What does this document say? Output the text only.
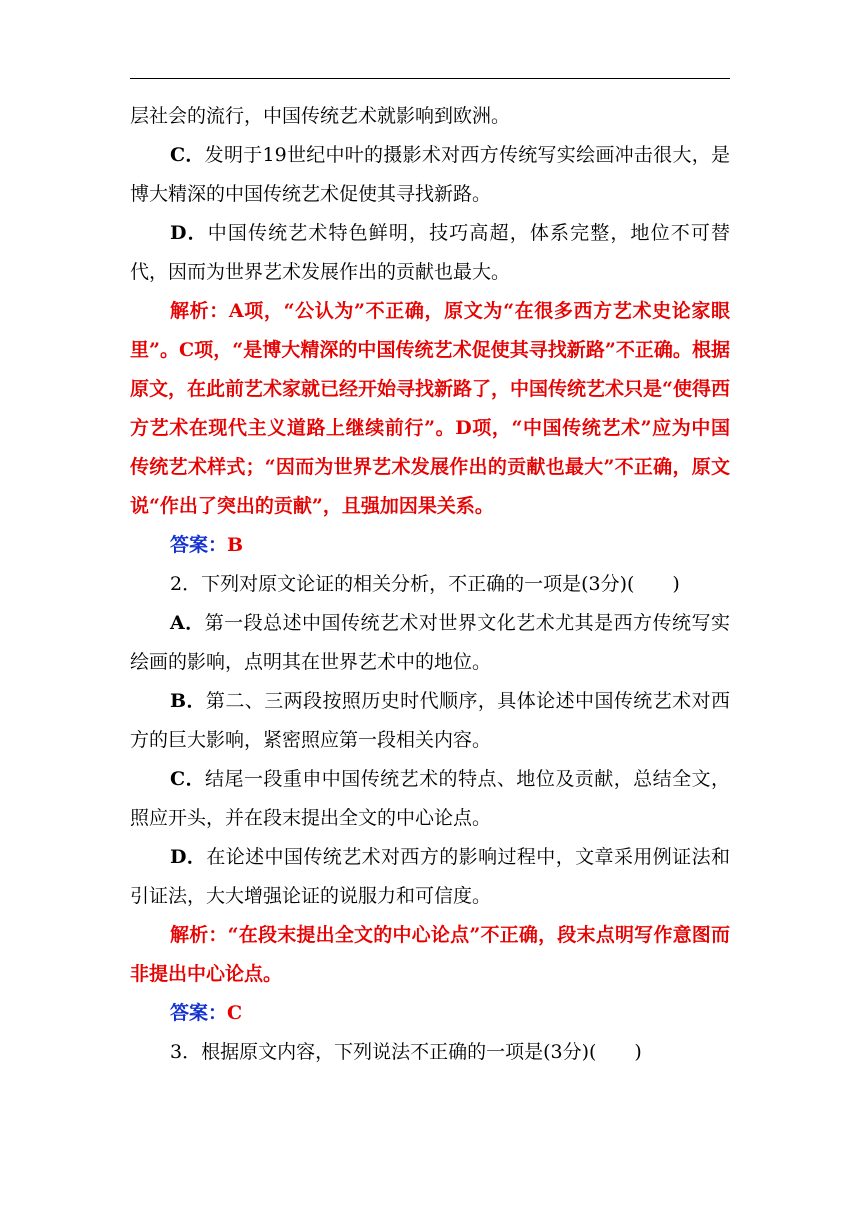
层社会的流行，中国传统艺术就影响到欧洲。

C．发明于19世纪中叶的摄影术对西方传统写实绘画冲击很大，是博大精深的中国传统艺术促使其寻找新路。

D．中国传统艺术特色鲜明，技巧高超，体系完整，地位不可替代，因而为世界艺术发展作出的贡献也最大。

解析：A项，“公认为”不正确，原文为“在很多西方艺术史论家眼里”。C项，“是博大精深的中国传统艺术促使其寻找新路”不正确。根据原文，在此前艺术家就已经开始寻找新路了，中国传统艺术只是“使得西方艺术在现代主义道路上继续前行”。D项，“中国传统艺术”应为中国传统艺术样式；“因而为世界艺术发展作出的贡献也最大”不正确，原文说“作出了突出的贡献”，且强加因果关系。

答案：B

2．下列对原文论证的相关分析，不正确的一项是(3分)(　　)

A．第一段总述中国传统艺术对世界文化艺术尤其是西方传统写实绘画的影响，点明其在世界艺术中的地位。

B．第二、三两段按照历史时代顺序，具体论述中国传统艺术对西方的巨大影响，紧密照应第一段相关内容。

C．结尾一段重申中国传统艺术的特点、地位及贡献，总结全文，照应开头，并在段末提出全文的中心论点。

D．在论述中国传统艺术对西方的影响过程中，文章采用例证法和引证法，大大增强论证的说服力和可信度。

解析：“在段末提出全文的中心论点”不正确，段末点明写作意图而非提出中心论点。

答案：C

3．根据原文内容，下列说法不正确的一项是(3分)(　　)
